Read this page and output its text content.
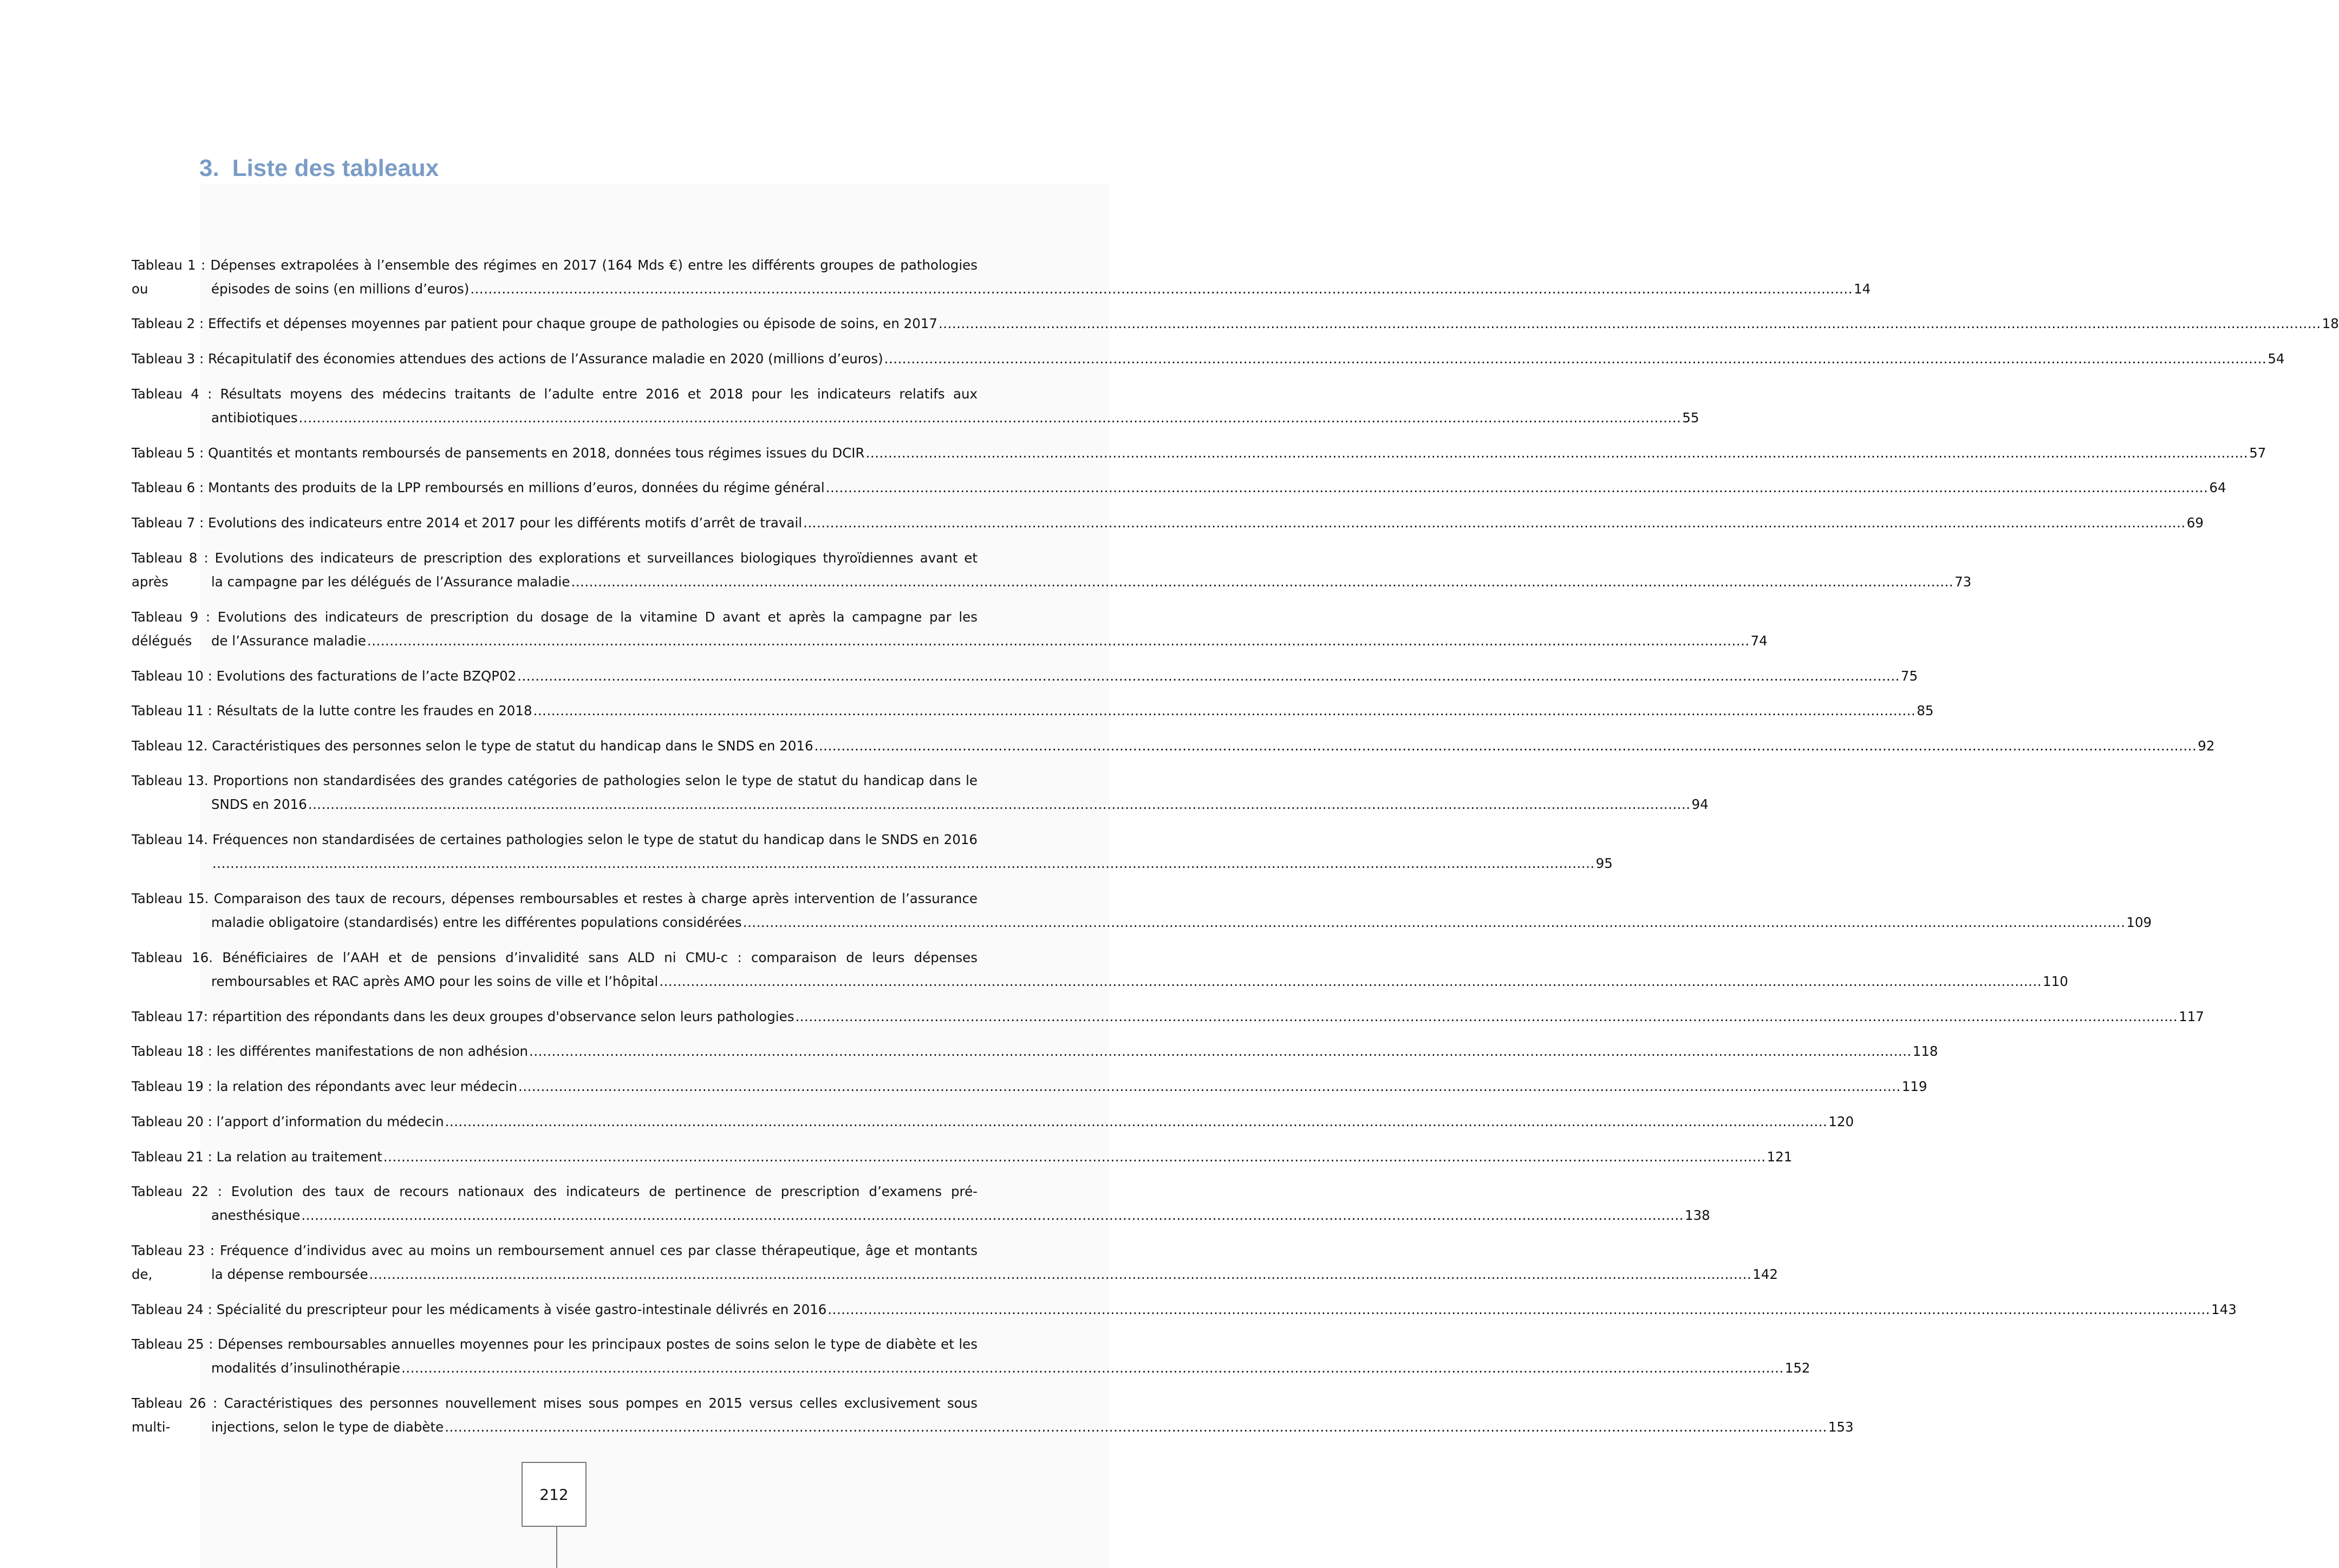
3. Liste des tableaux
Tableau 1 : Dépenses extrapolées à l’ensemble des régimes en 2017 (164 Mds €) entre les différents groupes de pathologies ou	épisodes de soins (en millions d’euros) .................................................................................................................................................................................................................................................................................................................... 14
Tableau 2 : Effectifs et dépenses moyennes par patient pour chaque groupe de pathologies ou épisode de soins, en 2017 .................................................................................................................................................................................................................................................................................................................... 18
Tableau 3 : Récapitulatif des économies attendues des actions de l’Assurance maladie en 2020 (millions d’euros) .................................................................................................................................................................................................................................................................................................................... 54
Tableau 4 : Résultats moyens des médecins traitants de l’adulte entre 2016 et 2018 pour les indicateurs relatifs aux
antibiotiques .................................................................................................................................................................................................................................................................................................................... 55
Tableau 5 : Quantités et montants remboursés de pansements en 2018, données tous régimes issues du DCIR .................................................................................................................................................................................................................................................................................................................... 57
Tableau 6 : Montants des produits de la LPP remboursés en millions d’euros, données du régime général .................................................................................................................................................................................................................................................................................................................... 64
Tableau 7 : Evolutions des indicateurs entre 2014 et 2017 pour les différents motifs d’arrêt de travail .................................................................................................................................................................................................................................................................................................................... 69
Tableau 8 : Evolutions des indicateurs de prescription des explorations et surveillances biologiques thyroïdiennes avant et après	la campagne par les délégués de l’Assurance maladie .................................................................................................................................................................................................................................................................................................................... 73
Tableau 9 : Evolutions des indicateurs de prescription du dosage de la vitamine D avant et après la campagne par les délégués	de l’Assurance maladie .................................................................................................................................................................................................................................................................................................................... 74
Tableau 10 : Evolutions des facturations de l’acte BZQP02 .................................................................................................................................................................................................................................................................................................................... 75
Tableau 11 : Résultats de la lutte contre les fraudes en 2018 .................................................................................................................................................................................................................................................................................................................... 85
Tableau 12. Caractéristiques des personnes selon le type de statut du handicap dans le SNDS en 2016 .................................................................................................................................................................................................................................................................................................................... 92
Tableau 13. Proportions non standardisées des grandes catégories de pathologies selon le type de statut du handicap dans le
SNDS en 2016 .................................................................................................................................................................................................................................................................................................................... 94
Tableau 14. Fréquences non standardisées de certaines pathologies selon le type de statut du handicap dans le SNDS en 2016
.................................................................................................................................................................................................................................................................................................................... 95
Tableau 15. Comparaison des taux de recours, dépenses remboursables et restes à charge après intervention de l’assurance
maladie obligatoire (standardisés) entre les différentes populations considérées .................................................................................................................................................................................................................................................................................................................... 109
Tableau 16. Bénéficiaires de l’AAH et de pensions d’invalidité sans ALD ni CMU-c : comparaison de leurs dépenses
remboursables et RAC après AMO pour les soins de ville et l’hôpital .................................................................................................................................................................................................................................................................................................................... 110
Tableau 17: répartition des répondants dans les deux groupes d'observance selon leurs pathologies .................................................................................................................................................................................................................................................................................................................... 117
Tableau 18 : les différentes manifestations de non adhésion .................................................................................................................................................................................................................................................................................................................... 118
Tableau 19 : la relation des répondants avec leur médecin .................................................................................................................................................................................................................................................................................................................... 119
Tableau 20 : l’apport d’information du médecin .................................................................................................................................................................................................................................................................................................................... 120
Tableau 21 : La relation au traitement .................................................................................................................................................................................................................................................................................................................... 121
Tableau 22 : Evolution des taux de recours nationaux des indicateurs de pertinence de prescription d’examens pré-
anesthésique .................................................................................................................................................................................................................................................................................................................... 138
Tableau 23 : Fréquence d’individus avec au moins un remboursement annuel ces par classe thérapeutique, âge et montants de,	la dépense remboursée .................................................................................................................................................................................................................................................................................................................... 142
Tableau 24 : Spécialité du prescripteur pour les médicaments à visée gastro-intestinale délivrés en 2016 .................................................................................................................................................................................................................................................................................................................... 143
Tableau 25 : Dépenses remboursables annuelles moyennes pour les principaux postes de soins selon le type de diabète et les
modalités d’insulinothérapie .................................................................................................................................................................................................................................................................................................................... 152
Tableau 26 : Caractéristiques des personnes nouvellement mises sous pompes en 2015 versus celles exclusivement sous multi-	injections, selon le type de diabète .................................................................................................................................................................................................................................................................................................................... 153
212
